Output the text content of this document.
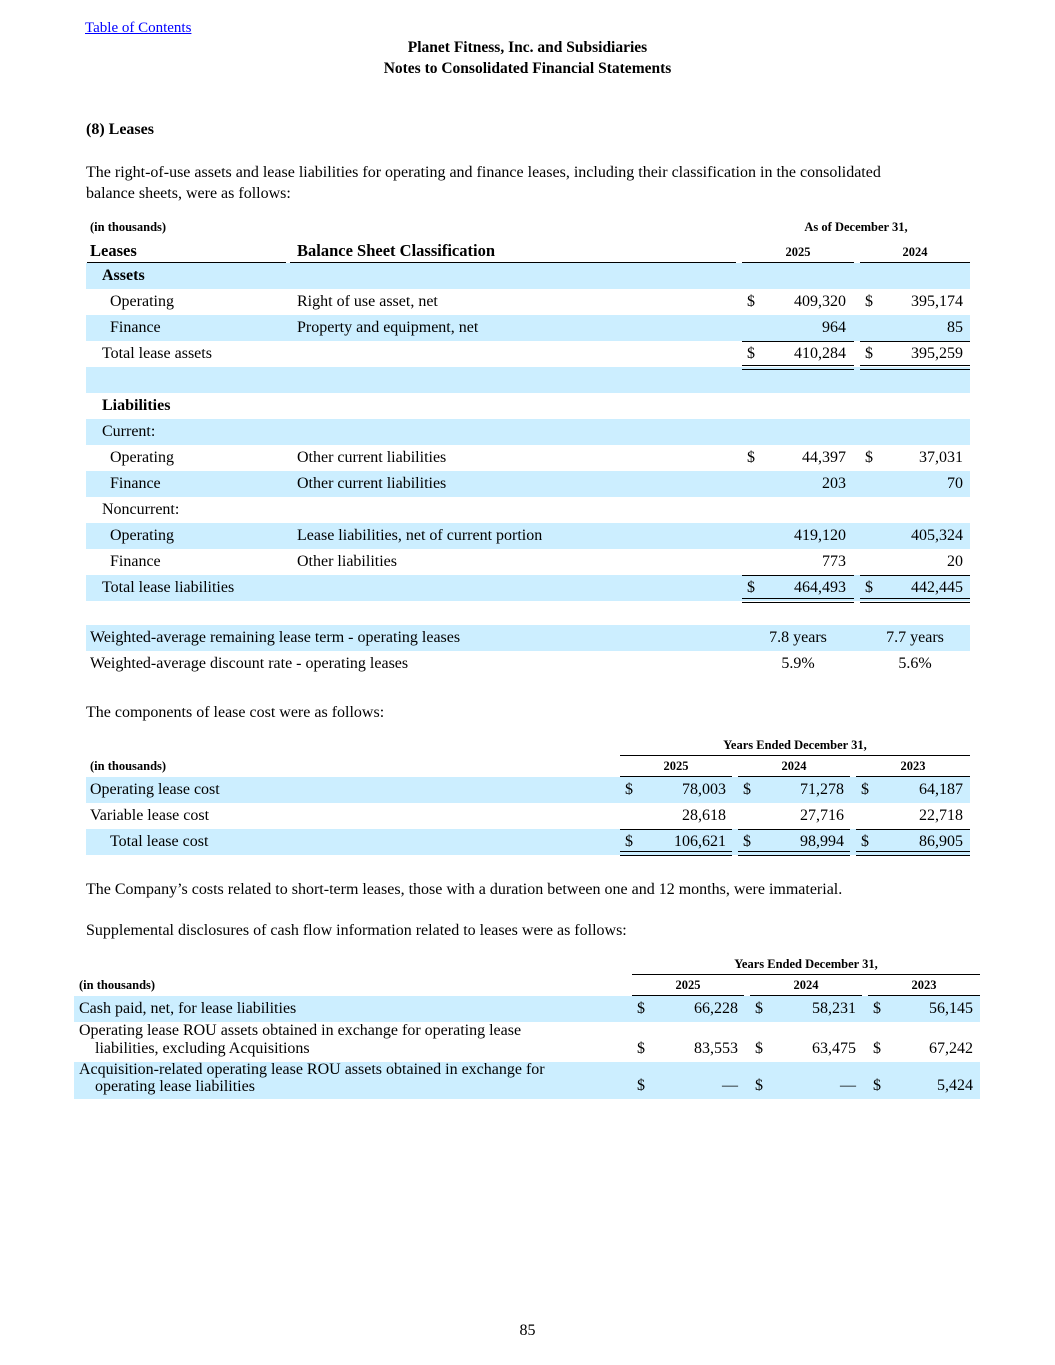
Table of Contents
Planet Fitness, Inc. and Subsidiaries
Notes to Consolidated Financial Statements
(8) Leases
The right-of-use assets and lease liabilities for operating and finance leases, including their classification in the consolidated
balance sheets, were as follows:
(in thousands)	As of December 31,
Leases	Balance Sheet Classification	2025	2024
Assets
Operating	Right of use asset, net	$	409,320 $	395,174
Finance	Property and equipment, net	964	85
Total lease assets	$	410,284 $	395,259
Liabilities
Current:
Operating	Other current liabilities	$	44,397 $	37,031
Finance	Other current liabilities	203	70
Noncurrent:
Operating	Lease liabilities, net of current portion	419,120	405,324
Finance	Other liabilities	773	20
Total lease liabilities	$	464,493 $	442,445
Weighted-average remaining lease term - operating leases	7.8 years	7.7 years
Weighted-average discount rate - operating leases	5.9%	5.6%
The components of lease cost were as follows:
Years Ended December 31,
(in thousands)	2025	2024	2023
Operating lease cost	$	78,003 $	71,278 $	64,187
Variable lease cost	28,618	27,716	22,718
Total lease cost	$	106,621 $	98,994 $	86,905
The Company’s costs related to short-term leases, those with a duration between one and 12 months, were immaterial.
Supplemental disclosures of cash flow information related to leases were as follows:
Years Ended December 31,
(in thousands)	2025	2024	2023
Cash paid, net, for lease liabilities	$	66,228 $	58,231 $	56,145
Operating lease ROU assets obtained in exchange for operating lease
liabilities, excluding Acquisitions	$	83,553 $	63,475 $	67,242
Acquisition-related operating lease ROU assets obtained in exchange for
operating lease liabilities	$	— $	— $	5,424
85
